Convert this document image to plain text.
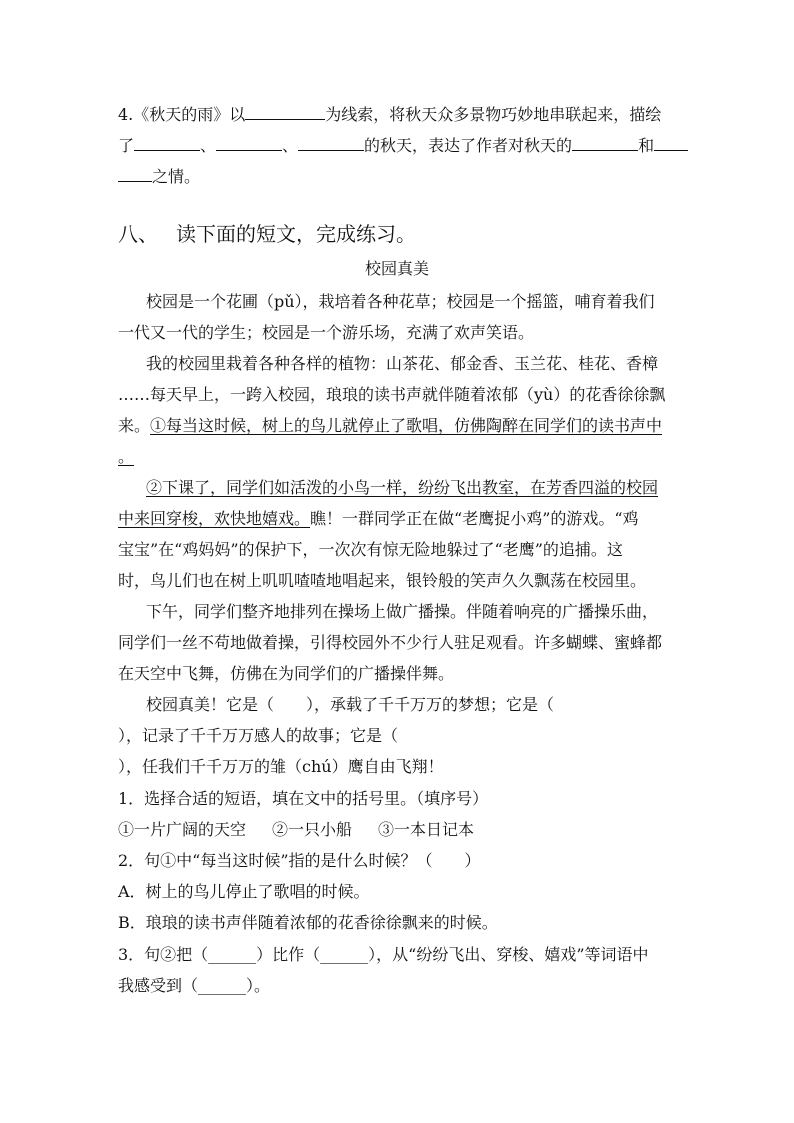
4.《秋天的雨》以	为线索，将秋天众多景物巧妙地串联起来，描绘
了	、	、	的秋天，表达了作者对秋天的	和
之情。
八、 读下面的短文，完成练习。
校园真美
校园是一个花圃（pǔ），栽培着各种花草；校园是一个摇篮，哺育着我们
一代又一代的学生；校园是一个游乐场，充满了欢声笑语。
我的校园里栽着各种各样的植物：山茶花、郁金香、玉兰花、桂花、香樟
……每天早上，一跨入校园，琅琅的读书声就伴随着浓郁（yù）的花香徐徐飘
来。①每当这时候，树上的鸟儿就停止了歌唱，仿佛陶醉在同学们的读书声中
。
②下课了，同学们如活泼的小鸟一样，纷纷飞出教室，在芳香四溢的校园
中来回穿梭，欢快地嬉戏。瞧！一群同学正在做“老鹰捉小鸡”的游戏。“鸡
宝宝”在“鸡妈妈”的保护下，一次次有惊无险地躲过了“老鹰”的追捕。这
时，鸟儿们也在树上叽叽喳喳地唱起来，银铃般的笑声久久飘荡在校园里。
下午，同学们整齐地排列在操场上做广播操。伴随着响亮的广播操乐曲，
同学们一丝不苟地做着操，引得校园外不少行人驻足观看。许多蝴蝶、蜜蜂都
在天空中飞舞，仿佛在为同学们的广播操伴舞。
校园真美！它是（　　），承载了千千万万的梦想；它是（
），记录了千千万万感人的故事；它是（
），任我们千千万万的雏（chú）鹰自由飞翔！
1．选择合适的短语，填在文中的括号里。（填序号）
①一片广阔的天空 ②一只小船 ③一本日记本
2．句①中“每当这时候”指的是什么时候？（　　）
A．树上的鸟儿停止了歌唱的时候。
B．琅琅的读书声伴随着浓郁的花香徐徐飘来的时候。
3．句②把（______）比作（______），从“纷纷飞出、穿梭、嬉戏”等词语中
我感受到（______）。
